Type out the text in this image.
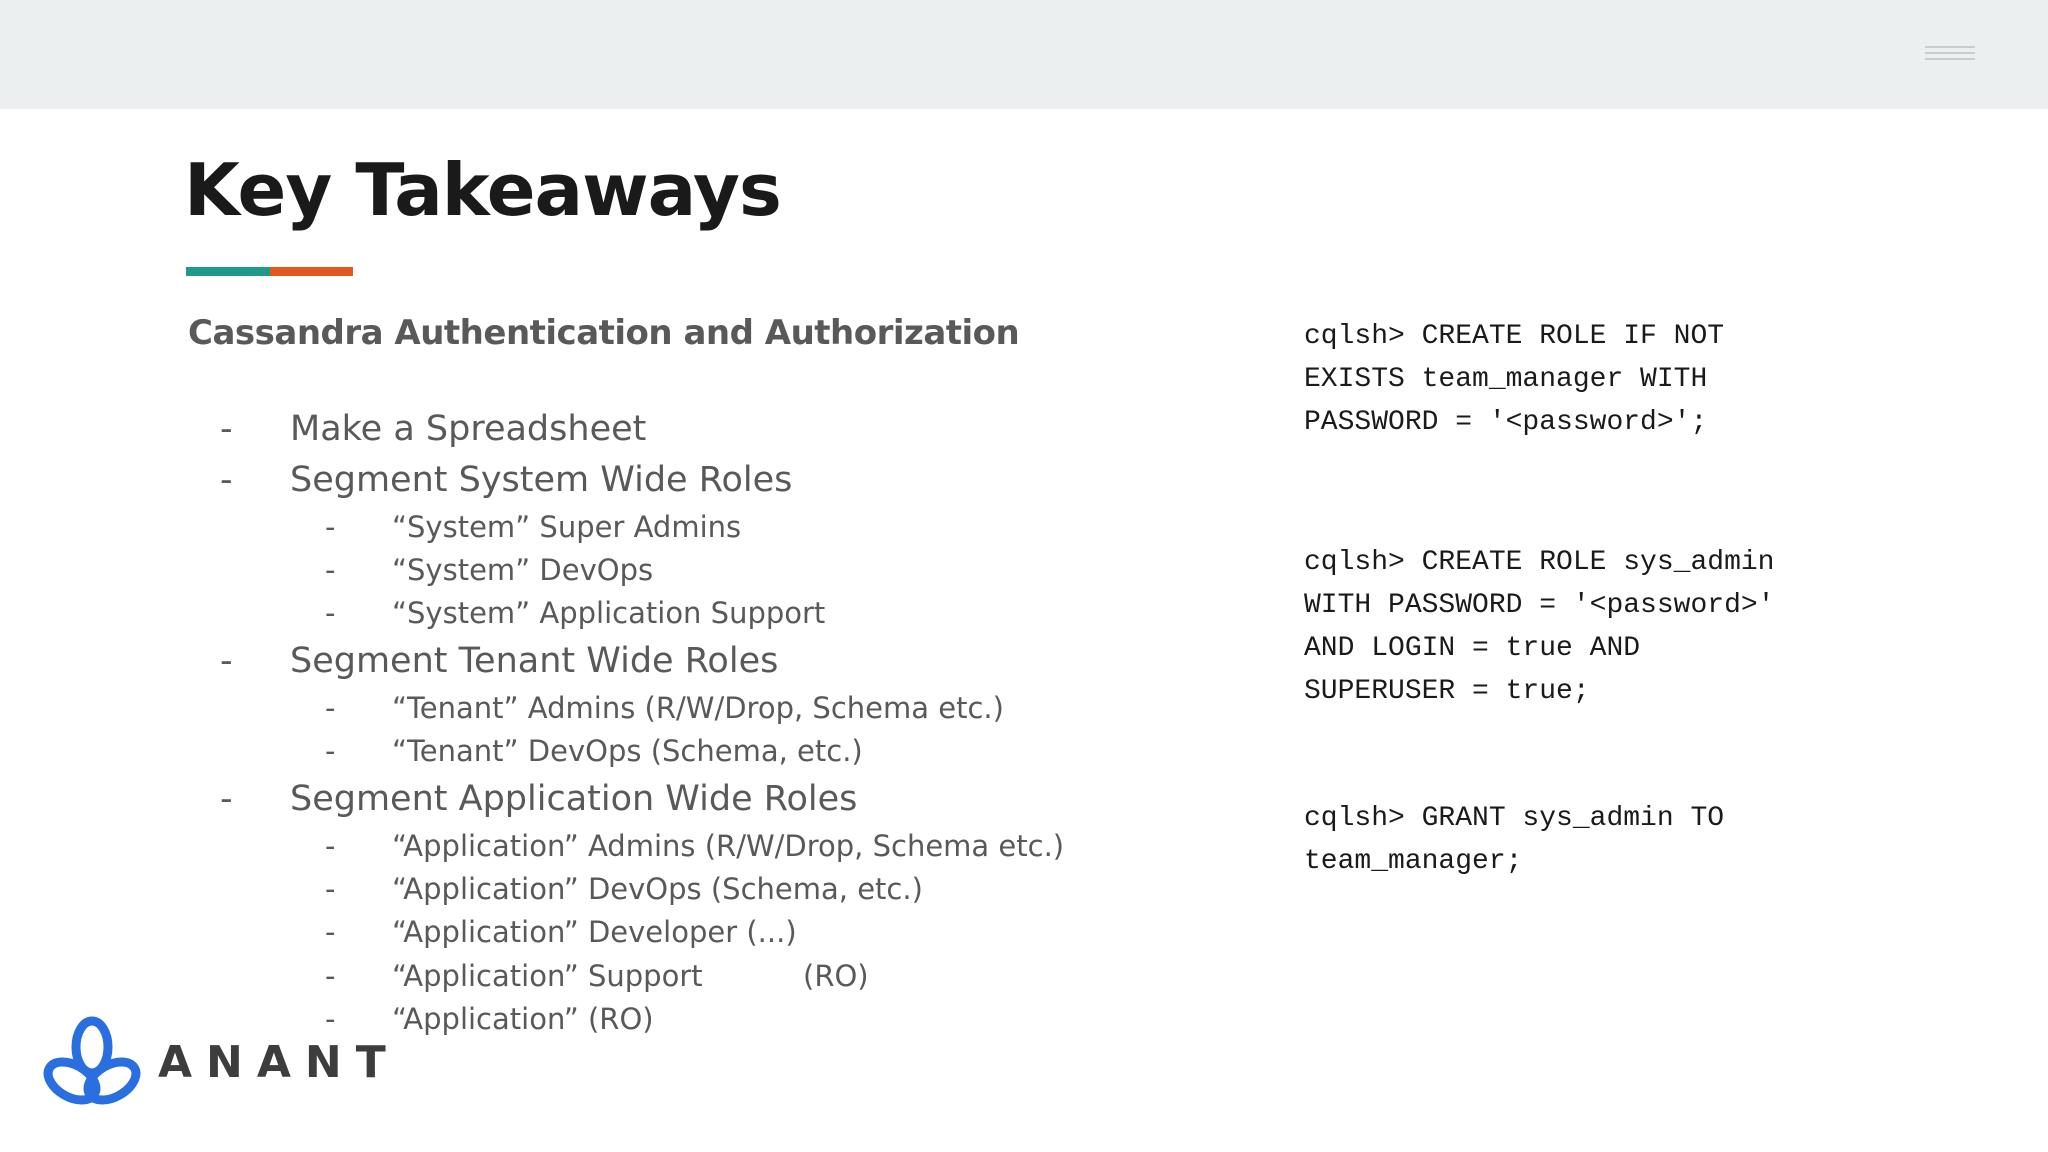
Key Takeaways
Cassandra Authentication and Authorization
- Make a Spreadsheet
- Segment System Wide Roles
- “System” Super Admins
- “System” DevOps
- “System” Application Support
- Segment Tenant Wide Roles
- “Tenant” Admins (R/W/Drop, Schema etc.)
- “Tenant” DevOps (Schema, etc.)
- Segment Application Wide Roles
- “Application” Admins (R/W/Drop, Schema etc.)
- “Application” DevOps (Schema, etc.)
- “Application” Developer (...)
- “Application” Support	(RO)
- “Application” (RO)
cqlsh> CREATE ROLE IF NOT
EXISTS team_manager WITH
PASSWORD = '<password>';
cqlsh> CREATE ROLE sys_admin
WITH PASSWORD = '<password>'
AND LOGIN = true AND
SUPERUSER = true;
cqlsh> GRANT sys_admin TO
team_manager;
ANANT
